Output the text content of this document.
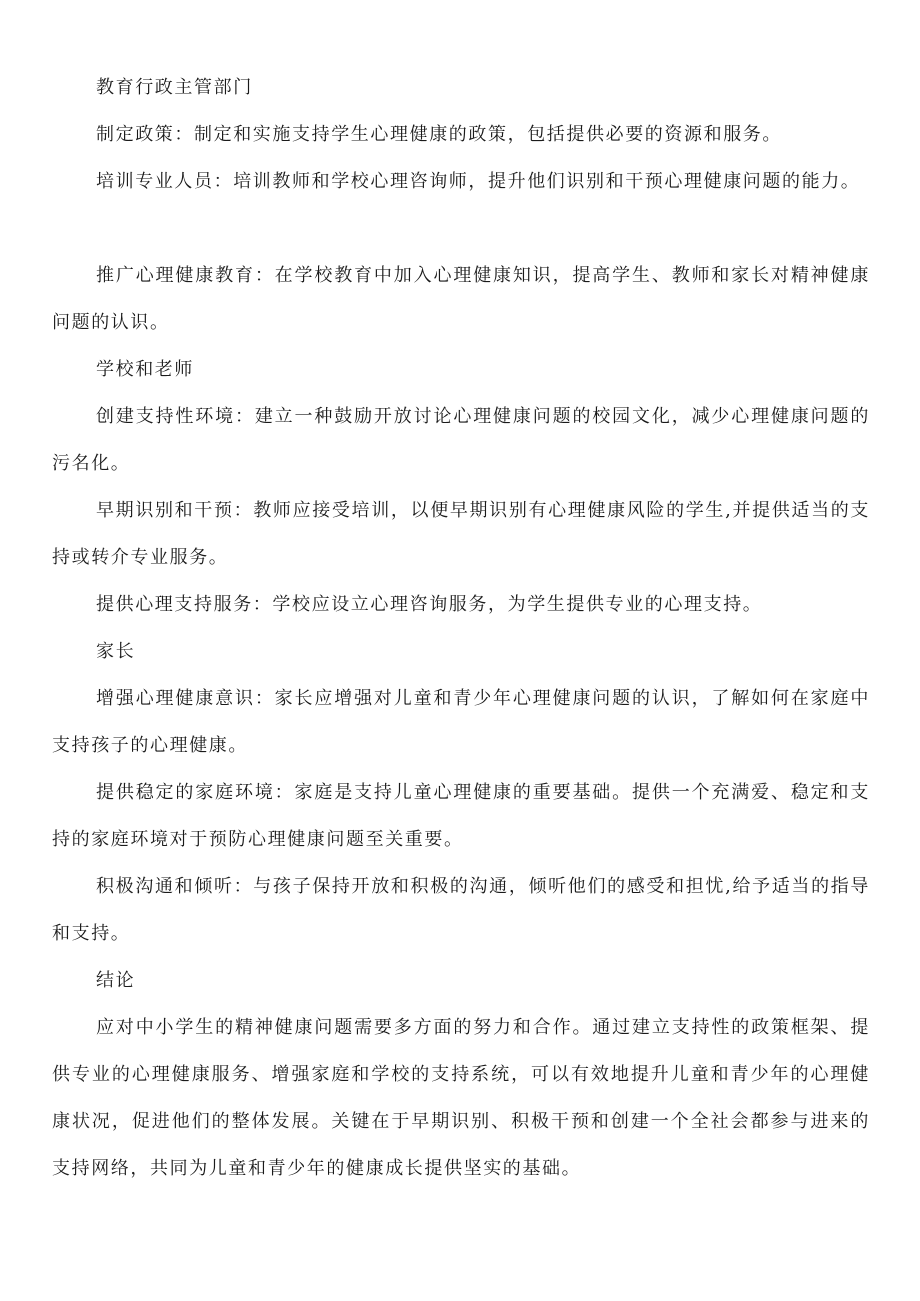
教育行政主管部门

制定政策：制定和实施支持学生心理健康的政策，包括提供必要的资源和服务。

培训专业人员：培训教师和学校心理咨询师，提升他们识别和干预心理健康问题的能力。

推广心理健康教育：在学校教育中加入心理健康知识，提高学生、教师和家长对精神健康问题的认识。

学校和老师

创建支持性环境：建立一种鼓励开放讨论心理健康问题的校园文化，减少心理健康问题的污名化。

早期识别和干预：教师应接受培训，以便早期识别有心理健康风险的学生,并提供适当的支持或转介专业服务。

提供心理支持服务：学校应设立心理咨询服务，为学生提供专业的心理支持。

家长

增强心理健康意识：家长应增强对儿童和青少年心理健康问题的认识，了解如何在家庭中支持孩子的心理健康。

提供稳定的家庭环境：家庭是支持儿童心理健康的重要基础。提供一个充满爱、稳定和支持的家庭环境对于预防心理健康问题至关重要。

积极沟通和倾听：与孩子保持开放和积极的沟通，倾听他们的感受和担忧,给予适当的指导和支持。

结论

应对中小学生的精神健康问题需要多方面的努力和合作。通过建立支持性的政策框架、提供专业的心理健康服务、增强家庭和学校的支持系统，可以有效地提升儿童和青少年的心理健康状况，促进他们的整体发展。关键在于早期识别、积极干预和创建一个全社会都参与进来的支持网络，共同为儿童和青少年的健康成长提供坚实的基础。
